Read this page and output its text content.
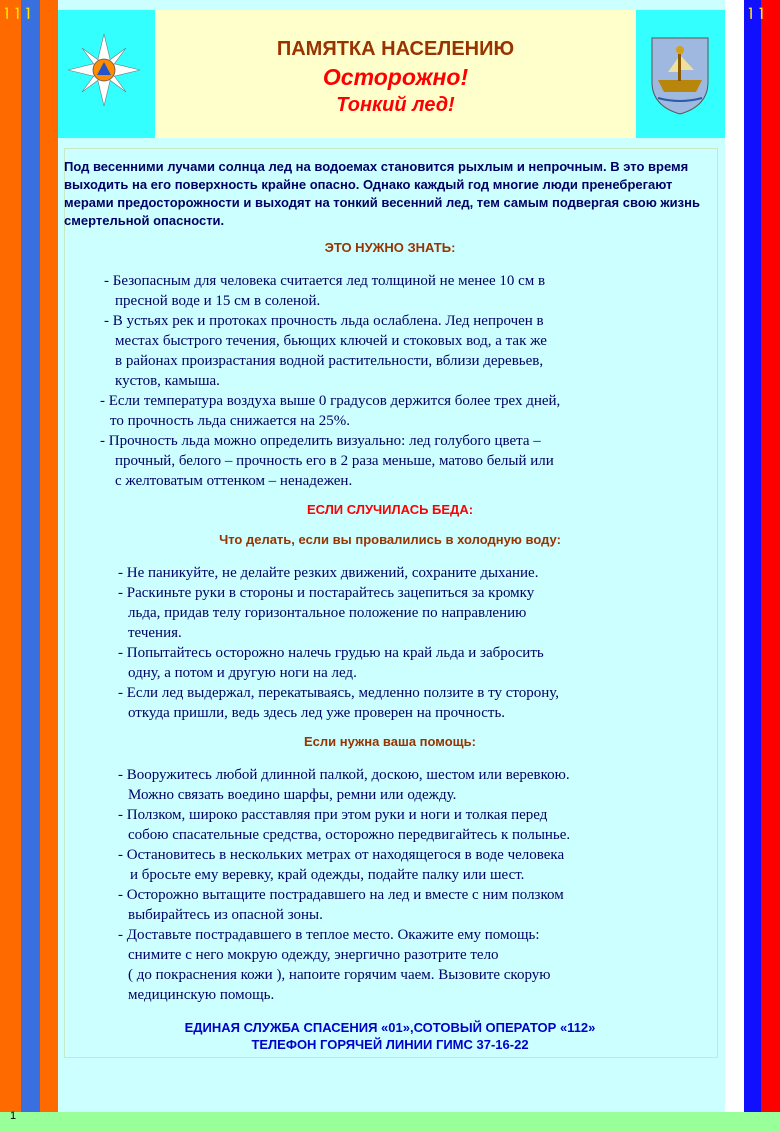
⌉⌉⌉	⌉⌉
ПАМЯТКА НАСЕЛЕНИЮ
Осторожно!
Тонкий лед!
Под весенними лучами солнца лед на водоемах становится рыхлым и непрочным. В это время выходить на его поверхность крайне опасно. Однако каждый год многие люди пренебрегают мерами предосторожности и выходят на тонкий весенний лед, тем самым подвергая свою жизнь смертельной опасности.
ЭТО НУЖНО ЗНАТЬ:
- Безопасным для человека считается лед толщиной не менее 10 см в
пресной воде и 15 см в соленой.
- В устьях рек и протоках прочность льда ослаблена. Лед непрочен в
местах быстрого течения, бьющих ключей и стоковых вод, а так же
в районах произрастания водной растительности, вблизи деревьев,
кустов, камыша.
- Если температура воздуха выше 0 градусов держится более трех дней,
то прочность льда снижается на 25%.
- Прочность льда можно определить визуально: лед голубого цвета –
прочный, белого – прочность его в 2 раза меньше, матово белый или
с желтоватым оттенком – ненадежен.
ЕСЛИ СЛУЧИЛАСЬ БЕДА:
Что делать, если вы провалились в холодную воду:
- Не паникуйте, не делайте резких движений, сохраните дыхание.
- Раскиньте руки в стороны и постарайтесь зацепиться за кромку
льда, придав телу горизонтальное положение по направлению
течения.
- Попытайтесь осторожно налечь грудью на край льда и забросить
одну, а потом и другую ноги на лед.
- Если лед выдержал, перекатываясь, медленно ползите в ту сторону,
откуда пришли, ведь здесь лед уже проверен на прочность.
Если нужна ваша помощь:
- Вооружитесь любой длинной палкой, доскою, шестом или веревкою.
Можно связать воедино шарфы, ремни или одежду.
- Ползком, широко расставляя при этом руки и ноги и толкая перед
собою спасательные средства, осторожно передвигайтесь к полынье.
- Остановитесь в нескольких метрах от находящегося в воде человека
и бросьте ему веревку, край одежды, подайте палку или шест.
- Осторожно вытащите пострадавшего на лед и вместе с ним ползком
выбирайтесь из опасной зоны.
- Доставьте пострадавшего в теплое место. Окажите ему помощь:
снимите с него мокрую одежду, энергично разотрите тело
( до покраснения кожи ), напоите горячим чаем. Вызовите скорую
медицинскую помощь.
ЕДИНАЯ СЛУЖБА СПАСЕНИЯ «01»,СОТОВЫЙ ОПЕРАТОР «112»
ТЕЛЕФОН ГОРЯЧЕЙ ЛИНИИ ГИМС 37-16-22
1
